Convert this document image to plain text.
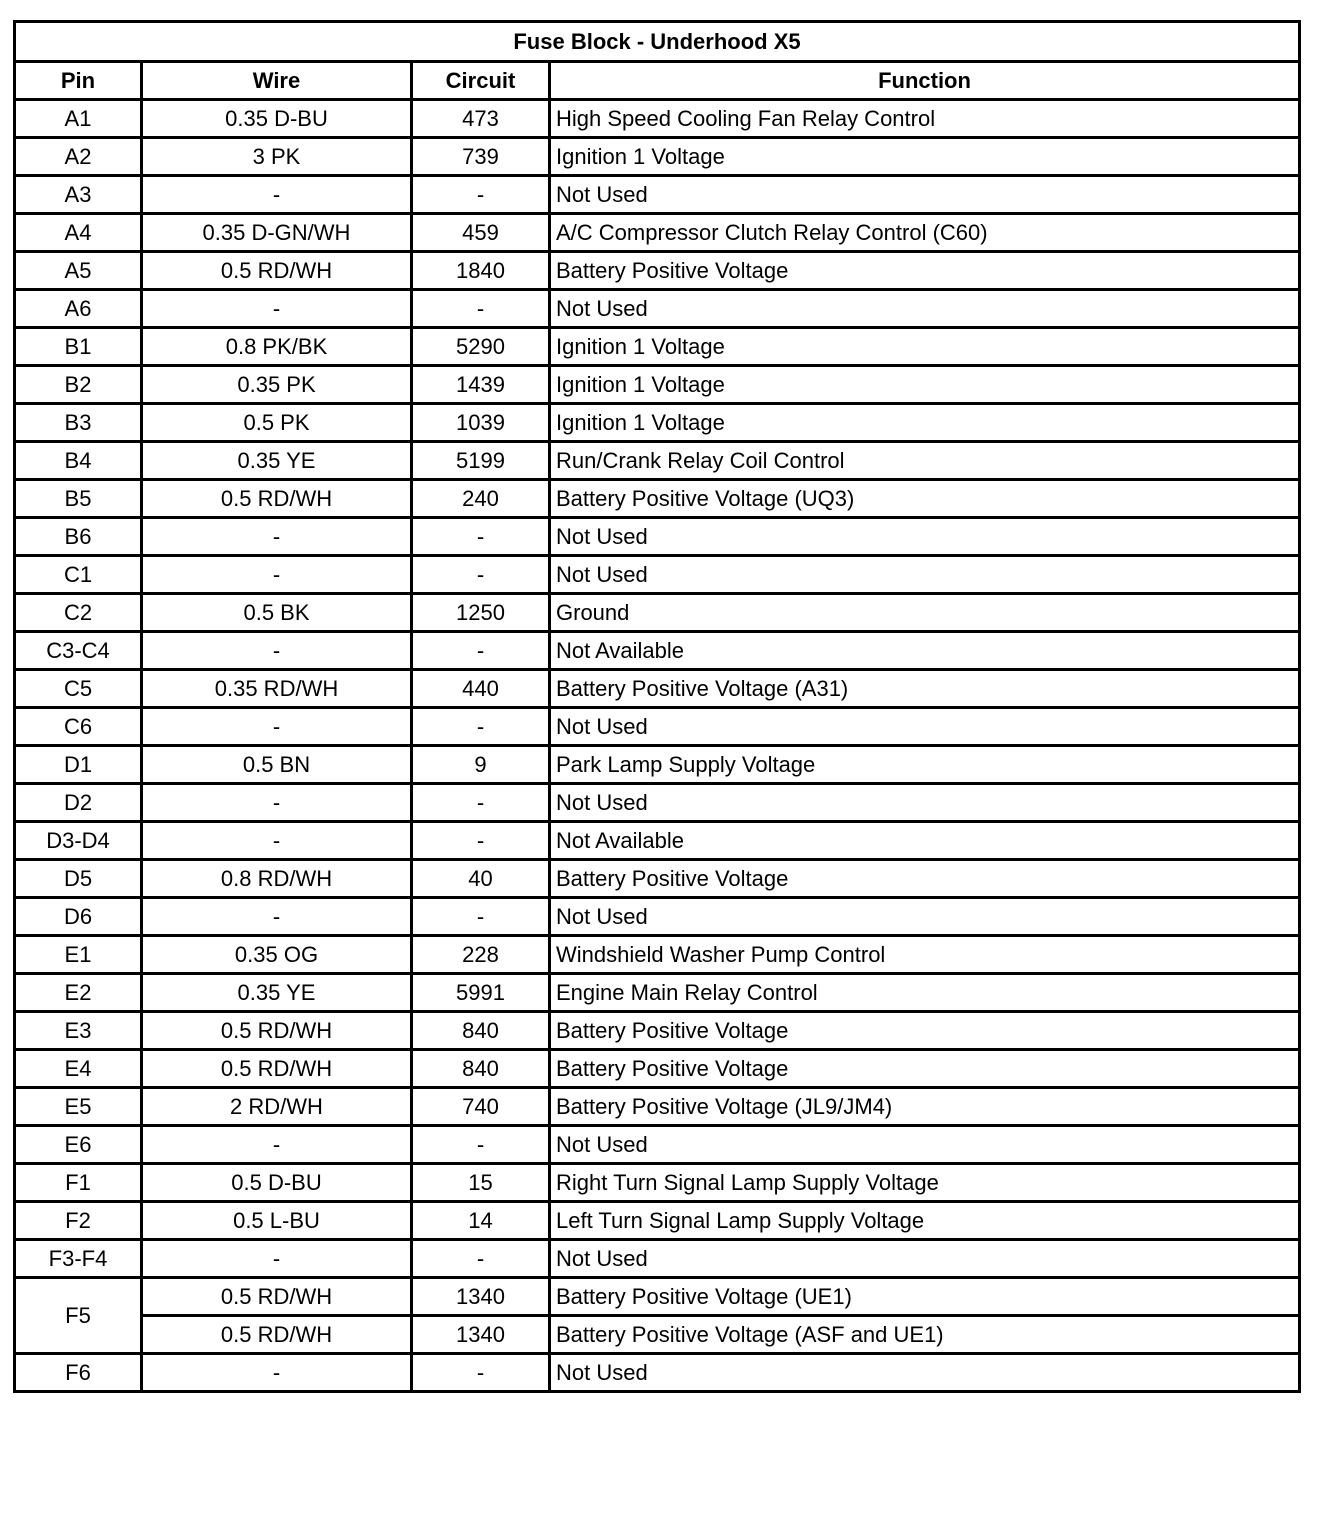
Fuse Block - Underhood X5			
Pin	Wire	Circuit	Function
A1	0.35 D-BU	473	High Speed Cooling Fan Relay Control
A2	3 PK	739	Ignition 1 Voltage
A3	-	-	Not Used
A4	0.35 D-GN/WH	459	A/C Compressor Clutch Relay Control (C60)
A5	0.5 RD/WH	1840	Battery Positive Voltage
A6	-	-	Not Used
B1	0.8 PK/BK	5290	Ignition 1 Voltage
B2	0.35 PK	1439	Ignition 1 Voltage
B3	0.5 PK	1039	Ignition 1 Voltage
B4	0.35 YE	5199	Run/Crank Relay Coil Control
B5	0.5 RD/WH	240	Battery Positive Voltage (UQ3)
B6	-	-	Not Used
C1	-	-	Not Used
C2	0.5 BK	1250	Ground
C3-C4	-	-	Not Available
C5	0.35 RD/WH	440	Battery Positive Voltage (A31)
C6	-	-	Not Used
D1	0.5 BN	9	Park Lamp Supply Voltage
D2	-	-	Not Used
D3-D4	-	-	Not Available
D5	0.8 RD/WH	40	Battery Positive Voltage
D6	-	-	Not Used
E1	0.35 OG	228	Windshield Washer Pump Control
E2	0.35 YE	5991	Engine Main Relay Control
E3	0.5 RD/WH	840	Battery Positive Voltage
E4	0.5 RD/WH	840	Battery Positive Voltage
E5	2 RD/WH	740	Battery Positive Voltage (JL9/JM4)
E6	-	-	Not Used
F1	0.5 D-BU	15	Right Turn Signal Lamp Supply Voltage
F2	0.5 L-BU	14	Left Turn Signal Lamp Supply Voltage
F3-F4	-	-	Not Used
F5	0.5 RD/WH	1340	Battery Positive Voltage (UE1)
	0.5 RD/WH	1340	Battery Positive Voltage (ASF and UE1)
F6	-	-	Not Used
